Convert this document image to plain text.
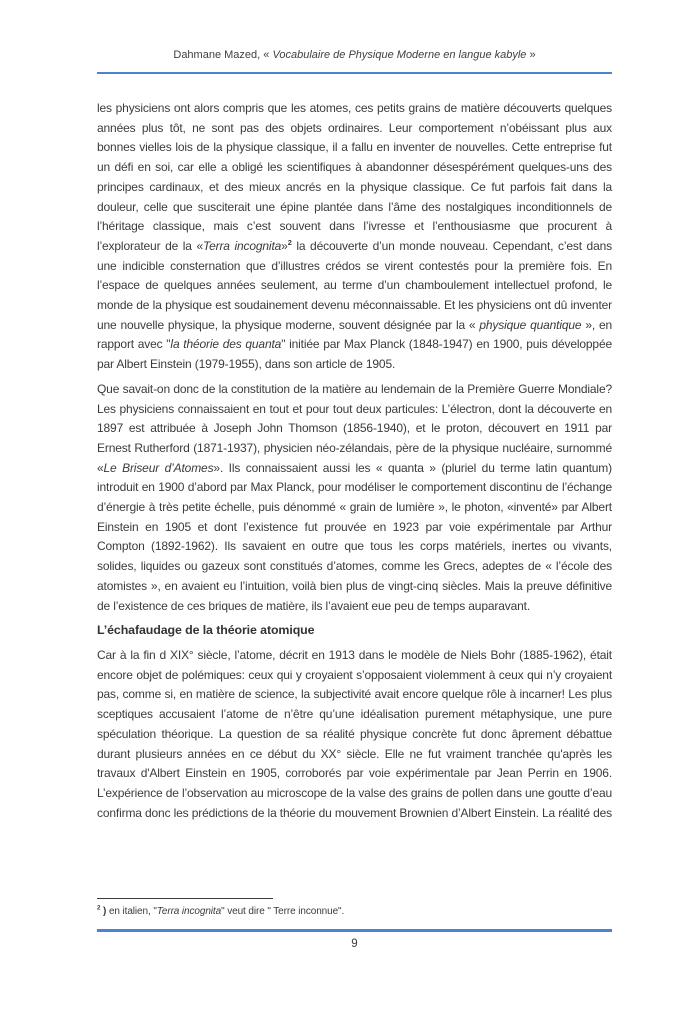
Dahmane Mazed, « Vocabulaire de Physique Moderne en langue kabyle »

les physiciens ont alors compris que les atomes, ces petits grains de matière découverts quelques années plus tôt, ne sont pas des objets ordinaires. Leur comportement n’obéissant plus aux bonnes vielles lois de la physique classique, il a fallu en inventer de nouvelles. Cette entreprise fut un défi en soi, car elle a obligé les scientifiques à abandonner désespérément quelques-uns des principes cardinaux, et des mieux ancrés en la physique classique. Ce fut parfois fait dans la douleur, celle que susciterait une épine plantée dans l’âme des nostalgiques inconditionnels de l’héritage classique, mais c’est souvent dans l’ivresse et l’enthousiasme que procurent à l’explorateur de la «Terra incognita»$^2$ la découverte d’un monde nouveau. Cependant, c’est dans une indicible consternation que d’illustres crédos se virent contestés pour la première fois. En l’espace de quelques années seulement, au terme d’un chamboulement intellectuel profond, le monde de la physique est soudainement devenu méconnaissable. Et les physiciens ont dû inventer une nouvelle physique, la physique moderne, souvent désignée par la « physique quantique », en rapport avec "la théorie des quanta" initiée par Max Planck (1848-1947) en 1900, puis développée par Albert Einstein (1979-1955), dans son article de 1905.

Que savait-on donc de la constitution de la matière au lendemain de la Première Guerre Mondiale? Les physiciens connaissaient en tout et pour tout deux particules: L’électron, dont la découverte en 1897 est attribuée à Joseph John Thomson (1856-1940), et le proton, découvert en 1911 par Ernest Rutherford (1871-1937), physicien néo-zélandais, père de la physique nucléaire, surnommé «Le Briseur d’Atomes». Ils connaissaient aussi les « quanta » (pluriel du terme latin quantum) introduit en 1900 d’abord par Max Planck, pour modéliser le comportement discontinu de l’échange d’énergie à très petite échelle, puis dénommé « grain de lumière », le photon, «inventé» par Albert Einstein en 1905 et dont l’existence fut prouvée en 1923 par voie expérimentale par Arthur Compton (1892-1962). Ils savaient en outre que tous les corps matériels, inertes ou vivants, solides, liquides ou gazeux sont constitués d’atomes, comme les Grecs, adeptes de « l’école des atomistes », en avaient eu l’intuition, voilà bien plus de vingt-cinq siècles. Mais la preuve définitive de l’existence de ces briques de matière, ils l’avaient eue peu de temps auparavant.

L’échafaudage de la théorie atomique

Car à la fin d XIX° siècle, l’atome, décrit en 1913 dans le modèle de Niels Bohr (1885-1962), était encore objet de polémiques: ceux qui y croyaient s’opposaient violemment à ceux qui n’y croyaient pas, comme si, en matière de science, la subjectivité avait encore quelque rôle à incarner! Les plus sceptiques accusaient l’atome de n’être qu’une idéalisation purement métaphysique, une pure spéculation théorique. La question de sa réalité physique concrète fut donc âprement débattue durant plusieurs années en ce début du XX° siècle. Elle ne fut vraiment tranchée qu'après les travaux d'Albert Einstein en 1905, corroborés par voie expérimentale par Jean Perrin en 1906. L’expérience de l’observation au microscope de la valse des grains de pollen dans une goutte d’eau confirma donc les prédictions de la théorie du mouvement Brownien d’Albert Einstein. La réalité des

$^2$ ) en italien, "Terra incognita" veut dire " Terre inconnue".
9
